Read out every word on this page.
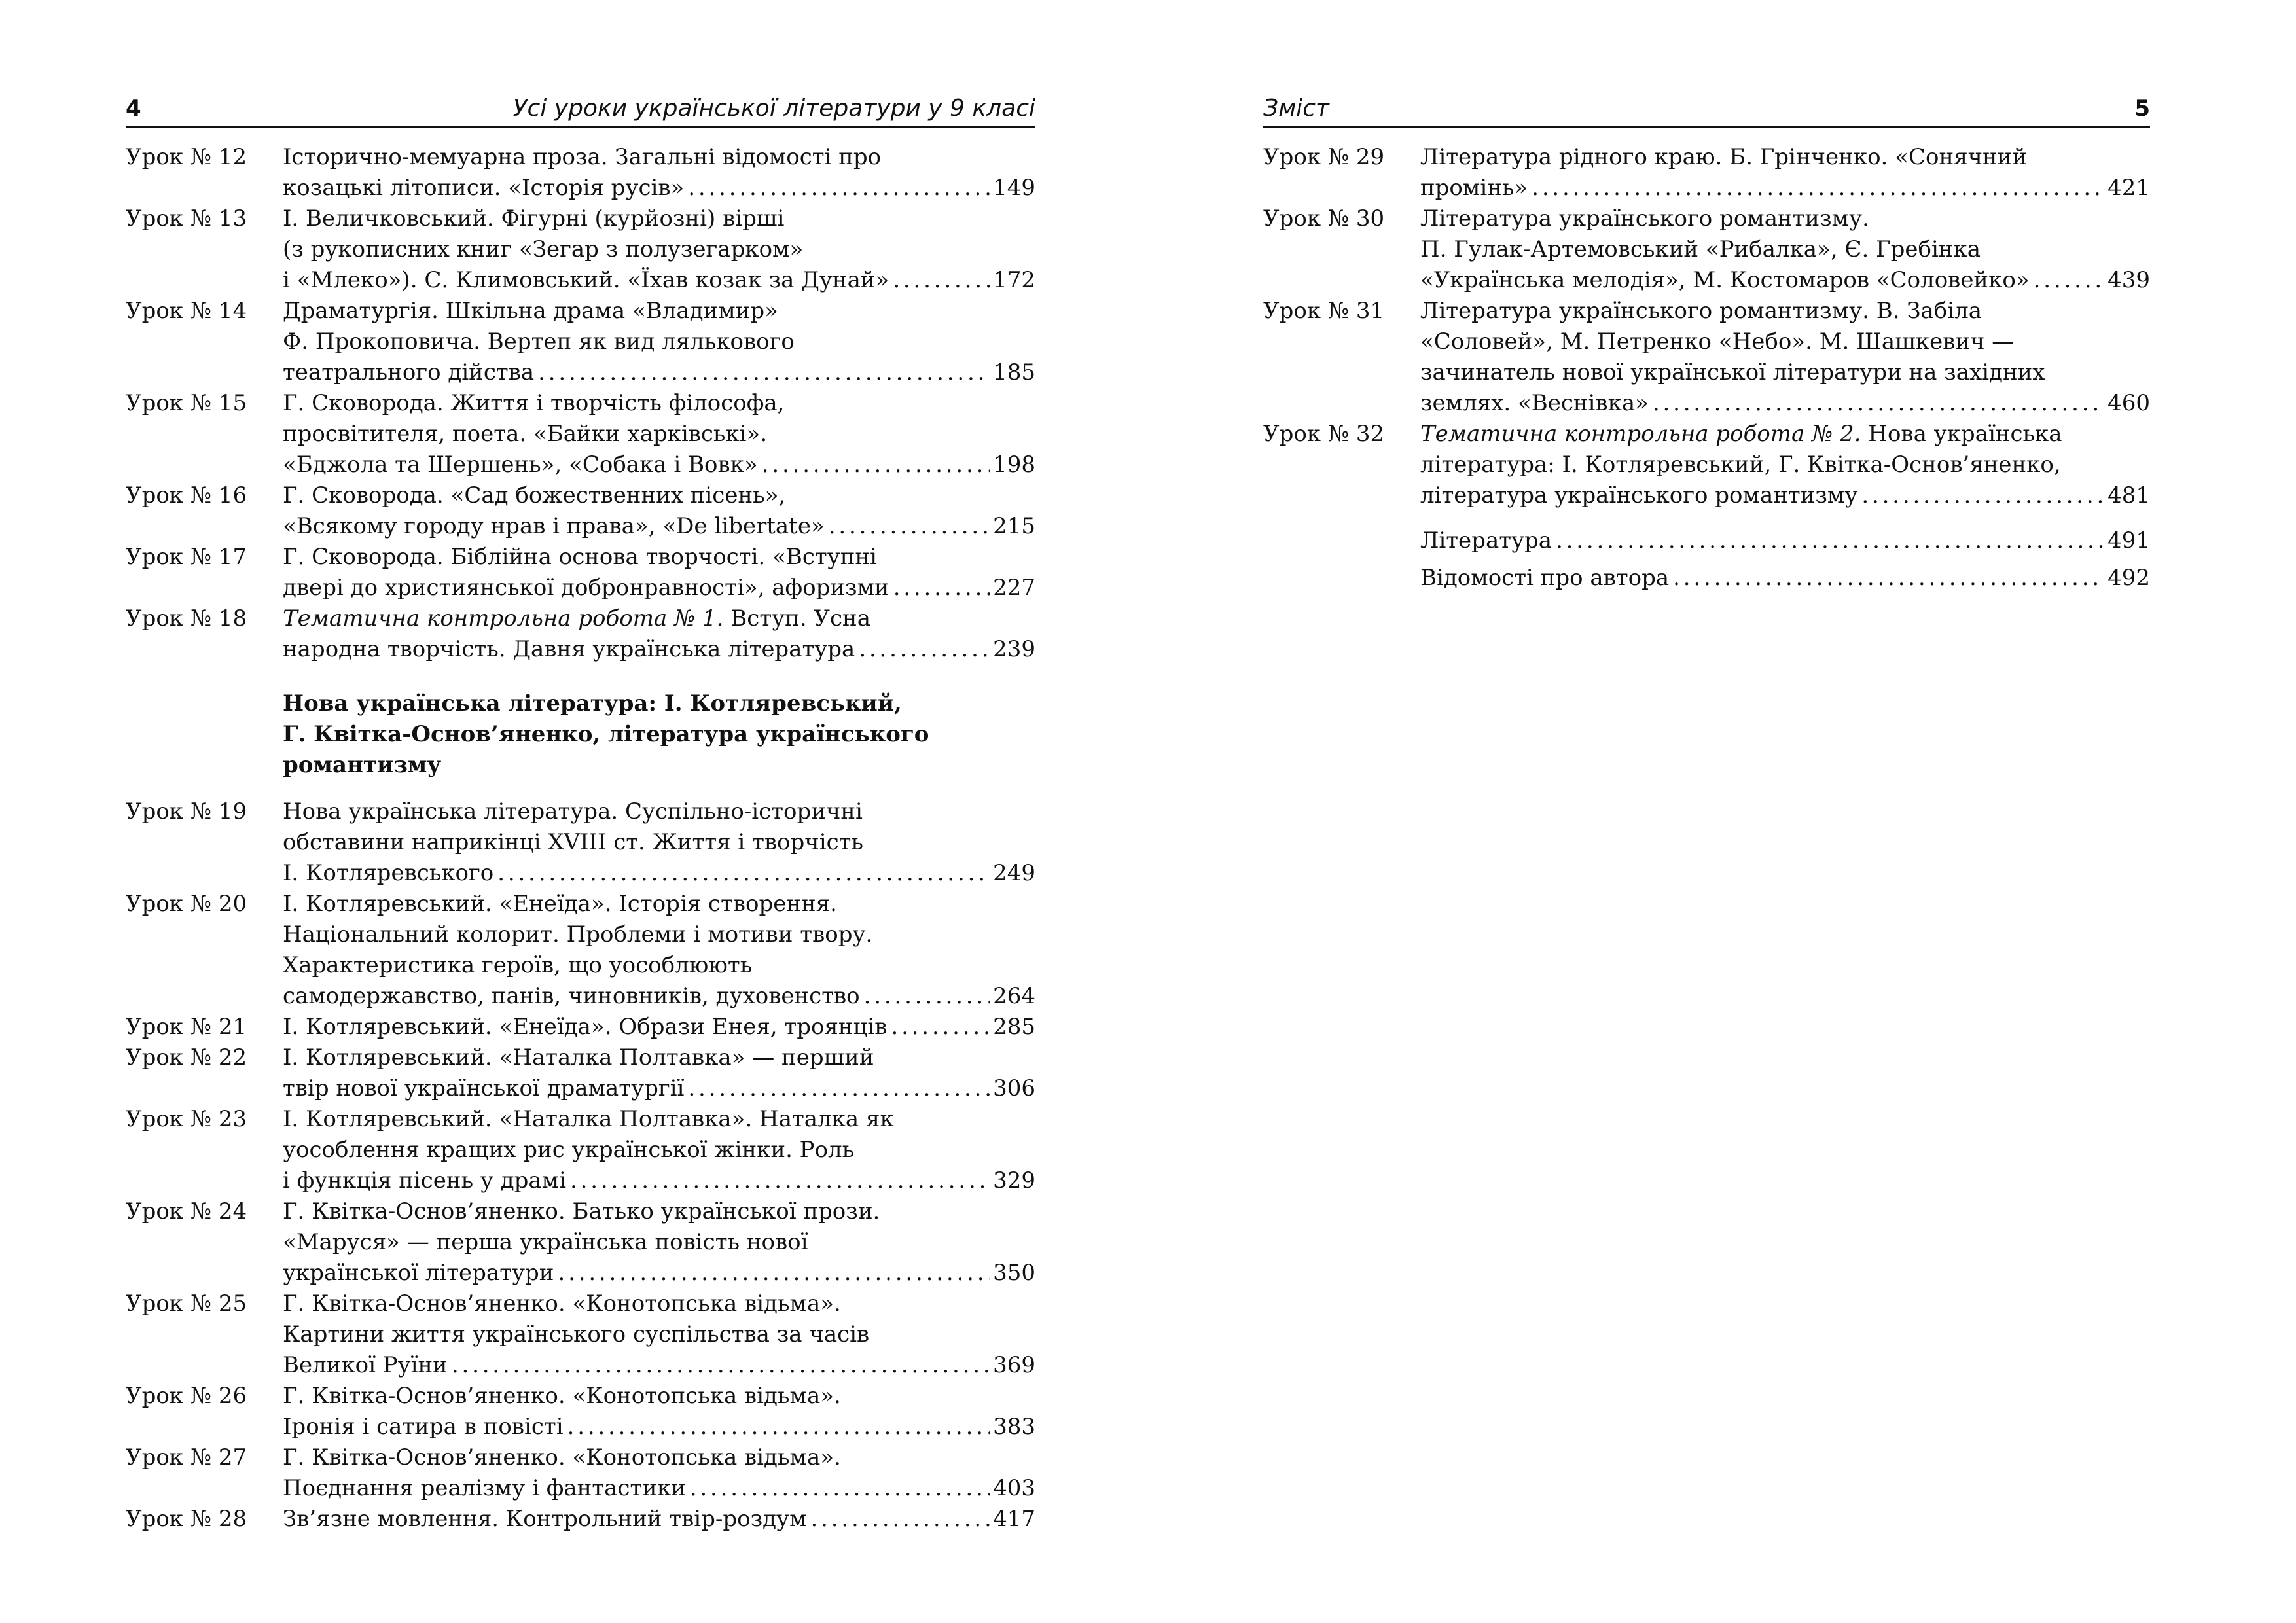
4	Усі уроки української літератури у 9 класі
Урок № 12	Історично-мемуарна проза. Загальні відомості про
козацькі літописи. «Історія русів» . . .	149
Урок № 13	І. Величковський. Фігурні (курйозні) вірші
(з рукописних книг «Зегар з полузегарком»
і «Млеко»). С. Климовський. «Їхав козак за Дунай» . . .	172
Урок № 14	Драматургія. Шкільна драма «Владимир»
Ф. Прокоповича. Вертеп як вид лялькового
театрального дійства . . .	185
Урок № 15	Г. Сковорода. Життя і творчість філософа,
просвітителя, поета. «Байки харківські».
«Бджола та Шершень», «Собака і Вовк» . . .	198
Урок № 16	Г. Сковорода. «Сад божественних пісень»,
«Всякому городу нрав і права», «De libertate» . . .	215
Урок № 17	Г. Сковорода. Біблійна основа творчості. «Вступні
двері до християнської добронравності», афоризми . . .	227
Урок № 18	Тематична контрольна робота № 1. Вступ. Усна
народна творчість. Давня українська література . . .	239
Нова українська література: І. Котляревський,
Г. Квітка-Основ’яненко, література українського
романтизму
Урок № 19	Нова українська література. Суспільно-історичні
обставини наприкінці XVIII ст. Життя і творчість
І. Котляревського . . .	249
Урок № 20	І. Котляревський. «Енеїда». Історія створення.
Національний колорит. Проблеми і мотиви твору.
Характеристика героїв, що уособлюють
самодержавство, панів, чиновників, духовенство . . .	264
Урок № 21	І. Котляревський. «Енеїда». Образи Енея, троянців . . .	285
Урок № 22	І. Котляревський. «Наталка Полтавка» — перший
твір нової української драматургії . . .	306
Урок № 23	І. Котляревський. «Наталка Полтавка». Наталка як
уособлення кращих рис української жінки. Роль
і функція пісень у драмі . . .	329
Урок № 24	Г. Квітка-Основ’яненко. Батько української прози.
«Маруся» — перша українська повість нової
української літератури . . .	350
Урок № 25	Г. Квітка-Основ’яненко. «Конотопська відьма».
Картини життя українського суспільства за часів
Великої Руїни . . .	369
Урок № 26	Г. Квітка-Основ’яненко. «Конотопська відьма».
Іронія і сатира в повісті . . .	383
Урок № 27	Г. Квітка-Основ’яненко. «Конотопська відьма».
Поєднання реалізму і фантастики . . .	403
Урок № 28	Зв’язне мовлення. Контрольний твір-роздум . . .	417
Зміст	5
Урок № 29	Література рідного краю. Б. Грінченко. «Сонячний
промінь» . . .	421
Урок № 30	Література українського романтизму.
П. Гулак-Артемовський «Рибалка», Є. Гребінка
«Українська мелодія», М. Костомаров «Соловейко» . . .	439
Урок № 31	Література українського романтизму. В. Забіла
«Соловей», М. Петренко «Небо». М. Шашкевич —
зачинатель нової української літератури на західних
землях. «Веснівка» . . .	460
Урок № 32	Тематична контрольна робота № 2. Нова українська
література: І. Котляревський, Г. Квітка-Основ’яненко,
література українського романтизму . . .	481
Література . . .	491
Відомості про автора . . .	492
